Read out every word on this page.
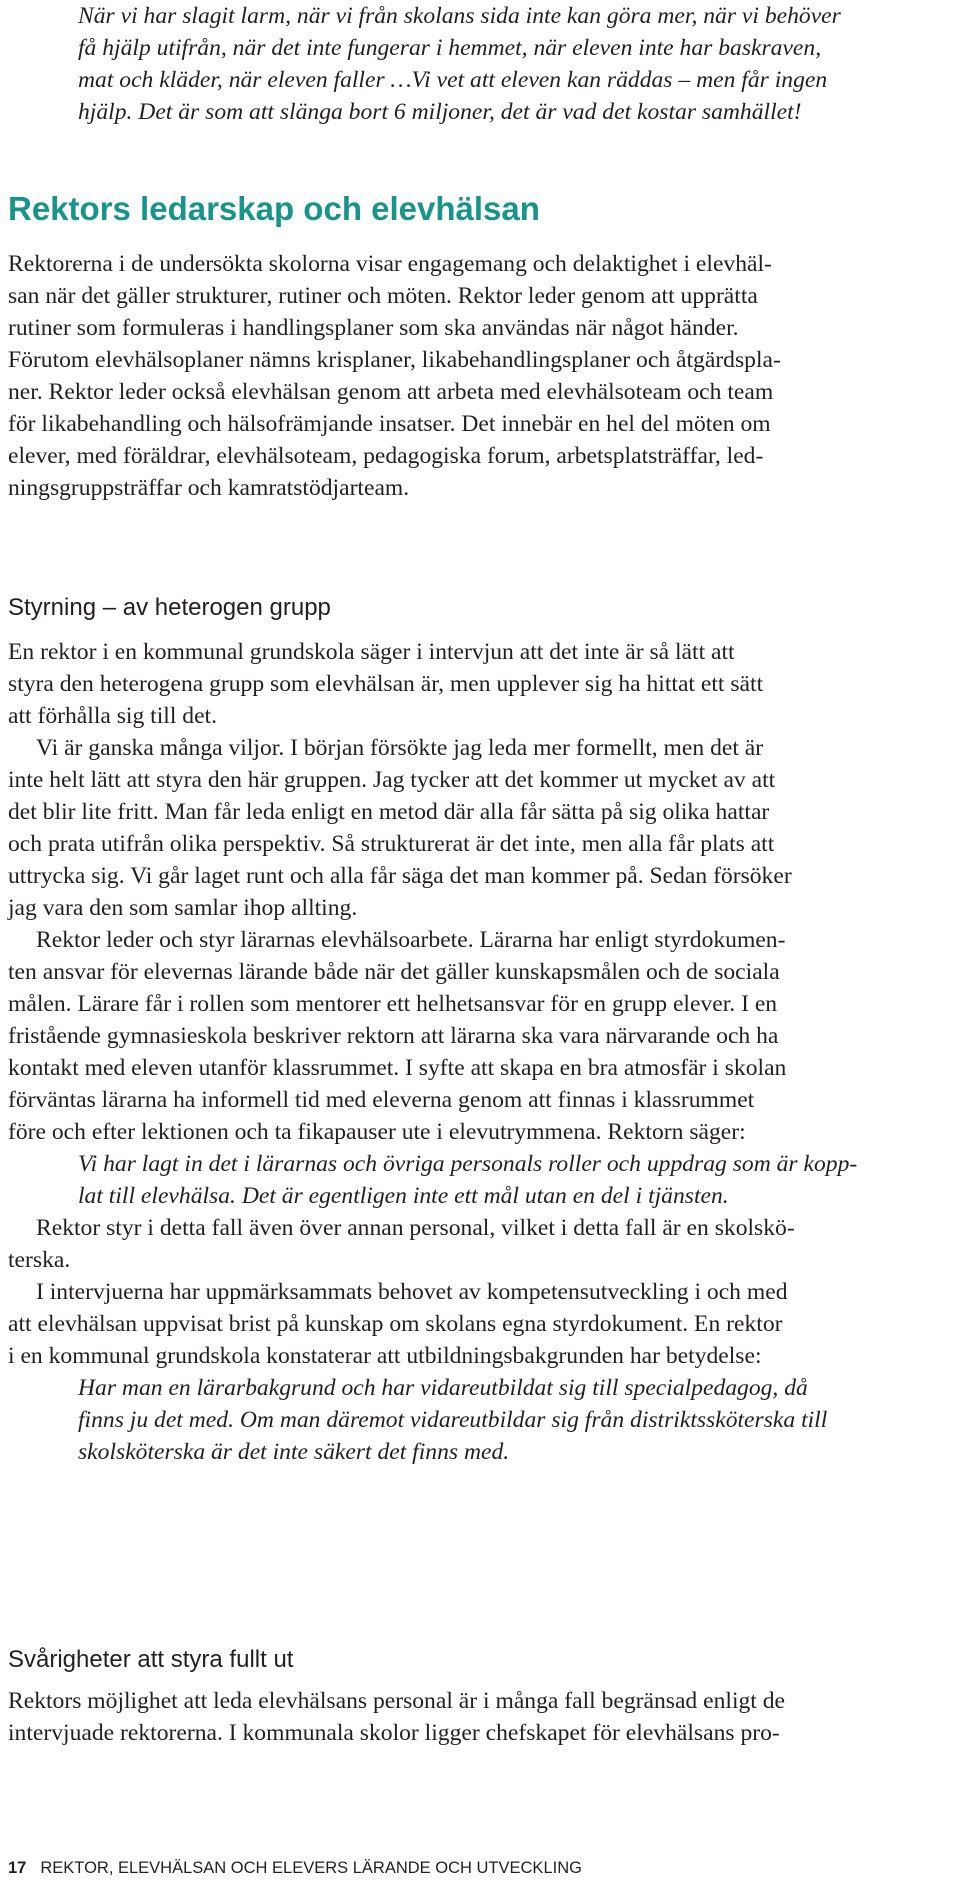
När vi har slagit larm, när vi från skolans sida inte kan göra mer, när vi behöver
få hjälp utifrån, när det inte fungerar i hemmet, när eleven inte har baskraven,
mat och kläder, när eleven faller …Vi vet att eleven kan räddas – men får ingen
hjälp. Det är som att slänga bort 6 miljoner, det är vad det kostar samhället!
Rektors ledarskap och elevhälsan
Rektorerna i de undersökta skolorna visar engagemang och delaktighet i elevhäl-
san när det gäller strukturer, rutiner och möten. Rektor leder genom att upprätta
rutiner som formuleras i handlingsplaner som ska användas när något händer.
Förutom elevhälsoplaner nämns krisplaner, likabehandlingsplaner och åtgärdspla-
ner. Rektor leder också elevhälsan genom att arbeta med elevhälsoteam och team
för likabehandling och hälsofrämjande insatser. Det innebär en hel del möten om
elever, med föräldrar, elevhälsoteam, pedagogiska forum, arbetsplatsträffar, led-
ningsgruppsträffar och kamratstödjarteam.
Styrning – av heterogen grupp
En rektor i en kommunal grundskola säger i intervjun att det inte är så lätt att
styra den heterogena grupp som elevhälsan är, men upplever sig ha hittat ett sätt
att förhålla sig till det.
Vi är ganska många viljor. I början försökte jag leda mer formellt, men det är
inte helt lätt att styra den här gruppen. Jag tycker att det kommer ut mycket av att
det blir lite fritt. Man får leda enligt en metod där alla får sätta på sig olika hattar
och prata utifrån olika perspektiv. Så strukturerat är det inte, men alla får plats att
uttrycka sig. Vi går laget runt och alla får säga det man kommer på. Sedan försöker
jag vara den som samlar ihop allting.
Rektor leder och styr lärarnas elevhälsoarbete. Lärarna har enligt styrdokumen-
ten ansvar för elevernas lärande både när det gäller kunskapsmålen och de sociala
målen. Lärare får i rollen som mentorer ett helhetsansvar för en grupp elever. I en
fristående gymnasieskola beskriver rektorn att lärarna ska vara närvarande och ha
kontakt med eleven utanför klassrummet. I syfte att skapa en bra atmosfär i skolan
förväntas lärarna ha informell tid med eleverna genom att finnas i klassrummet
före och efter lektionen och ta fikapauser ute i elevutrymmena. Rektorn säger:
Vi har lagt in det i lärarnas och övriga personals roller och uppdrag som är kopp-
lat till elevhälsa. Det är egentligen inte ett mål utan en del i tjänsten.
Rektor styr i detta fall även över annan personal, vilket i detta fall är en skolskö-
terska.
I intervjuerna har uppmärksammats behovet av kompetensutveckling i och med
att elevhälsan uppvisat brist på kunskap om skolans egna styrdokument. En rektor
i en kommunal grundskola konstaterar att utbildningsbakgrunden har betydelse:
Har man en lärarbakgrund och har vidareutbildat sig till specialpedagog, då
finns ju det med. Om man däremot vidareutbildar sig från distriktssköterska till
skolsköterska är det inte säkert det finns med.
Svårigheter att styra fullt ut
Rektors möjlighet att leda elevhälsans personal är i många fall begränsad enligt de
intervjuade rektorerna. I kommunala skolor ligger chefskapet för elevhälsans pro-
17 REKTOR, ELEVHÄLSAN OCH ELEVERS LÄRANDE OCH UTVECKLING
